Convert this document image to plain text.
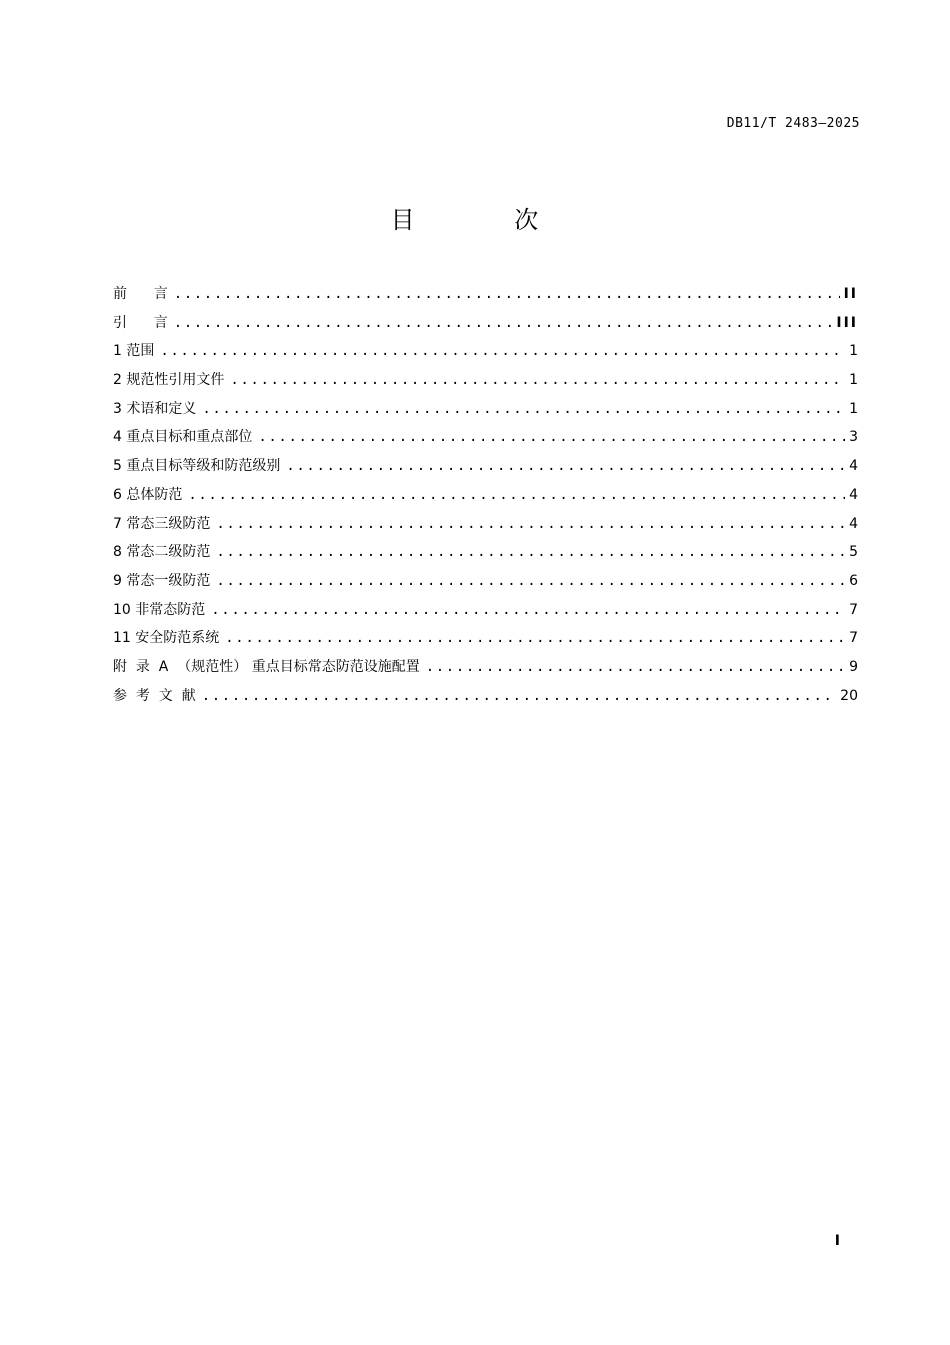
DB11/T 2483—2025
目 次
前      言 .....	II
引      言 .....	III
1 范围 .....	1
2 规范性引用文件 .....	1
3 术语和定义 .....	1
4 重点目标和重点部位 .....	3
5 重点目标等级和防范级别 .....	4
6 总体防范 .....	4
7 常态三级防范 .....	4
8 常态二级防范 .....	5
9 常态一级防范 .....	6
10 非常态防范 .....	7
11 安全防范系统 .....	7
附  录  A  （规范性） 重点目标常态防范设施配置 .....	9
参  考  文  献 .....	20
I
